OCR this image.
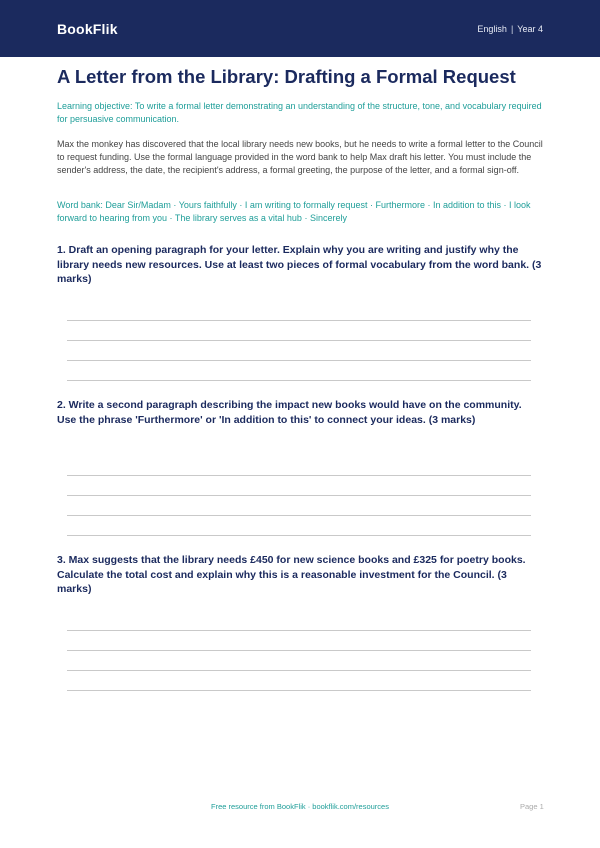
BookFlik	English | Year 4
A Letter from the Library: Drafting a Formal Request

Learning objective: To write a formal letter demonstrating an understanding of the structure, tone, and vocabulary required for persuasive communication.

Max the monkey has discovered that the local library needs new books, but he needs to write a formal letter to the Council to request funding. Use the formal language provided in the word bank to help Max draft his letter. You must include the sender's address, the date, the recipient's address, a formal greeting, the purpose of the letter, and a formal sign-off.

Word bank: Dear Sir/Madam · Yours faithfully · I am writing to formally request · Furthermore · In addition to this · I look forward to hearing from you · The library serves as a vital hub · Sincerely

1. Draft an opening paragraph for your letter. Explain why you are writing and justify why the library needs new resources. Use at least two pieces of formal vocabulary from the word bank. (3 marks)

2. Write a second paragraph describing the impact new books would have on the community. Use the phrase 'Furthermore' or 'In addition to this' to connect your ideas. (3 marks)

3. Max suggests that the library needs £450 for new science books and £325 for poetry books. Calculate the total cost and explain why this is a reasonable investment for the Council. (3 marks)

Free resource from BookFlik · bookflik.com/resources	Page 1
